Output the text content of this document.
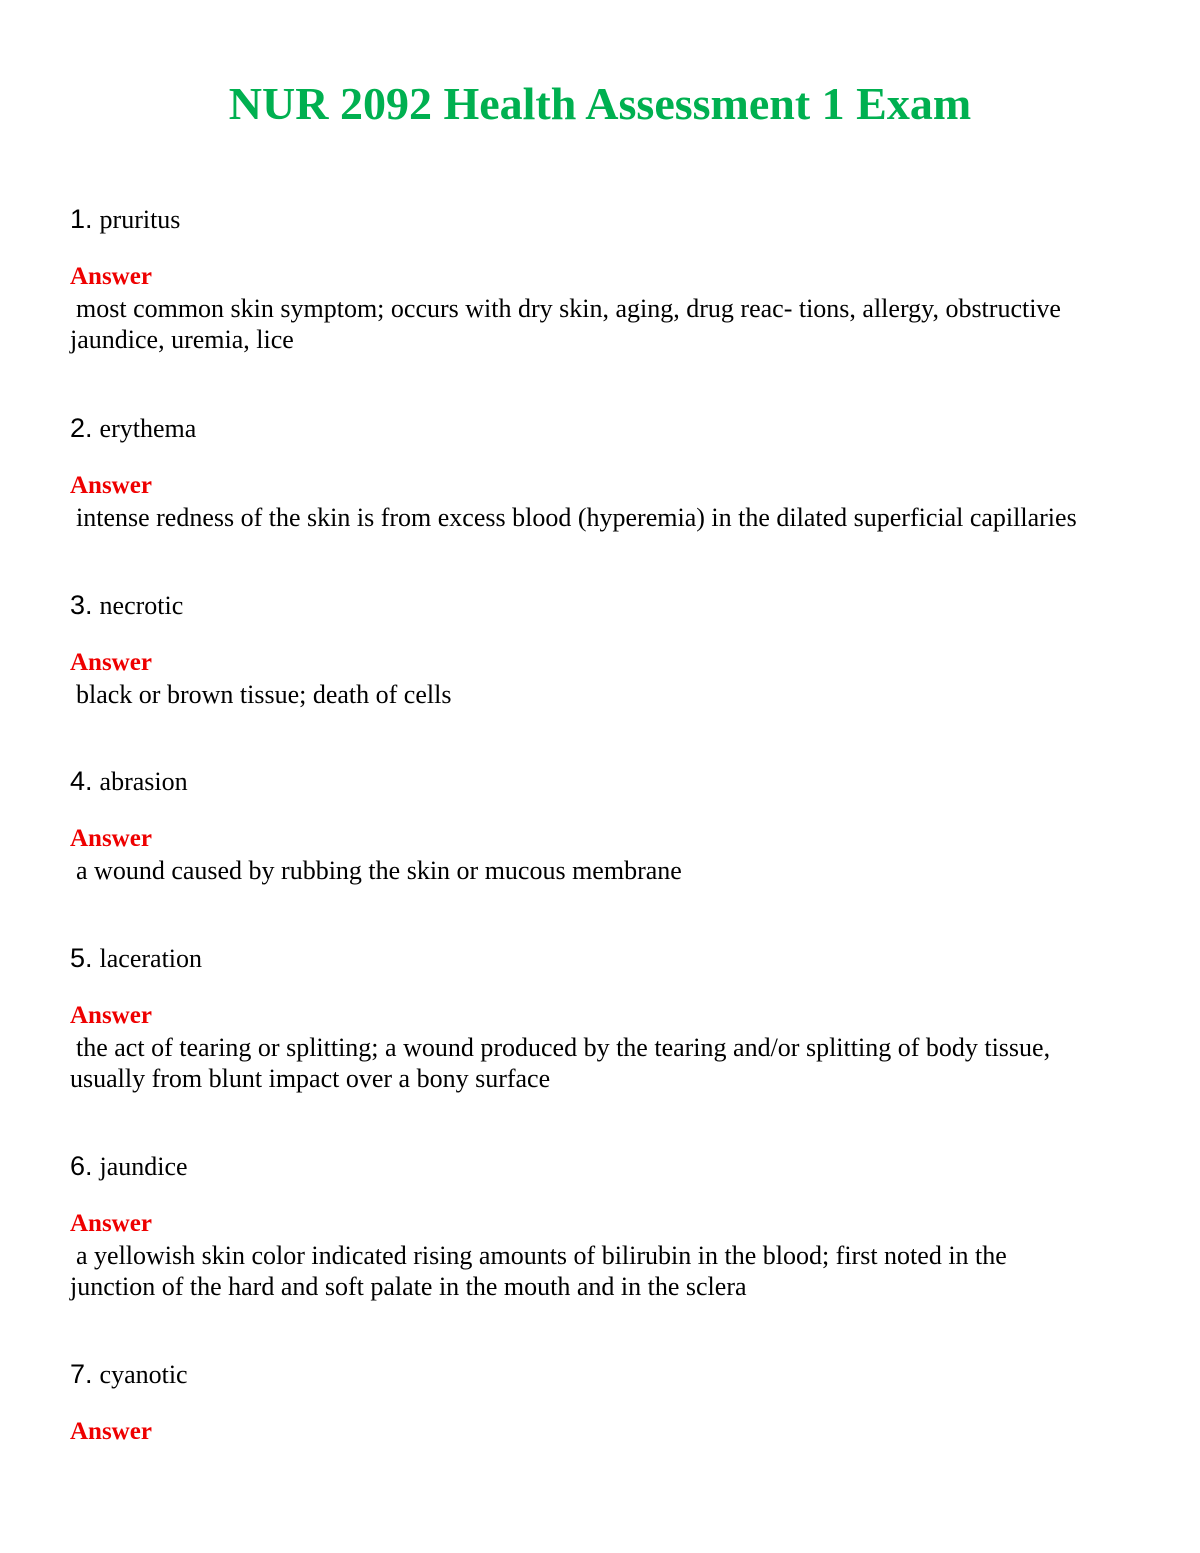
NUR 2092 Health Assessment 1 Exam
1. pruritus
Answer
most common skin symptom; occurs with dry skin, aging, drug reac- tions, allergy, obstructive
jaundice, uremia, lice
2. erythema
Answer
intense redness of the skin is from excess blood (hyperemia) in the dilated superficial capillaries
3. necrotic
Answer
black or brown tissue; death of cells
4. abrasion
Answer
a wound caused by rubbing the skin or mucous membrane
5. laceration
Answer
the act of tearing or splitting; a wound produced by the tearing and/or splitting of body tissue,
usually from blunt impact over a bony surface
6. jaundice
Answer
a yellowish skin color indicated rising amounts of bilirubin in the blood; first noted in the
junction of the hard and soft palate in the mouth and in the sclera
7. cyanotic
Answer
